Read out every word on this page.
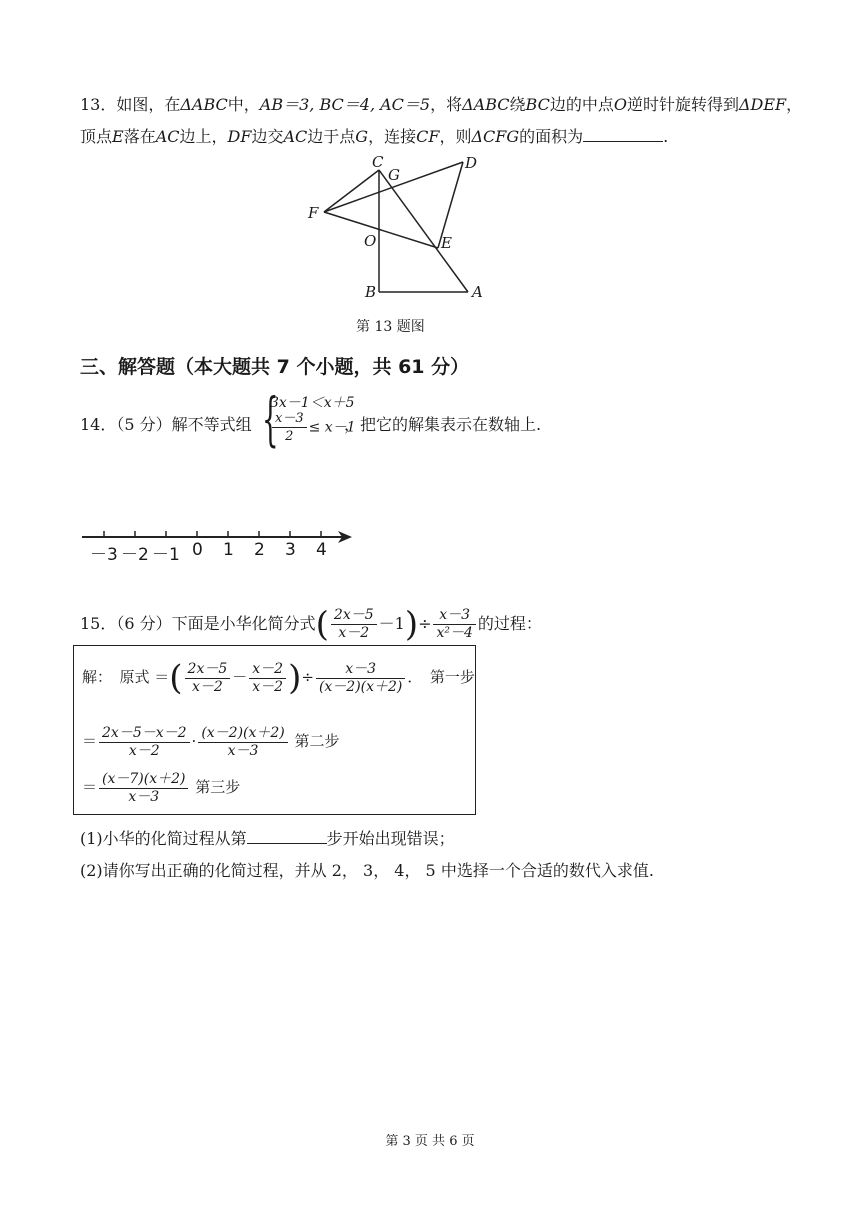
13．如图，在ΔABC中，AB＝3, BC＝4, AC＝5，将ΔABC绕BC边的中点O逆时针旋转得到ΔDEF，
顶点E落在AC边上，DF边交AC边于点G，连接CF，则ΔCFG的面积为	.
C
G
D
F
O	E
B	A
第 13 题图
三、解答题（本大题共 7 个小题，共 61 分）
14．（5 分）解不等式组 {
3x－1＜x＋5
$\frac{x-3}{2} \le x-1$
，把它的解集表示在数轴上.
－3 －2 －1 0 1 2 3 4
15．（6 分）下面是小华化简分式( $\frac{2x-5}{x-2} -1)\div \frac{x-3}{\text{x²－4}}$ 的过程：
解：　原式 ＝( $\frac{2x-5}{x-2} - \frac{x-2}{x-2}$ )÷ $\frac{x-3}{(x-2)(x+2)}$ ．　第一步
＝ $\frac{2x-5-x-2}{x-2} \cdot \frac{(x-2)(x+2)}{x-3}$ 第二步
＝ $\frac{(x-7)(x+2)}{x-3}$ 第三步
(1)小华的化简过程从第	步开始出现错误；
(2)请你写出正确的化简过程，并从 2， 3， 4， 5 中选择一个合适的数代入求值.
第 3 页 共 6 页
